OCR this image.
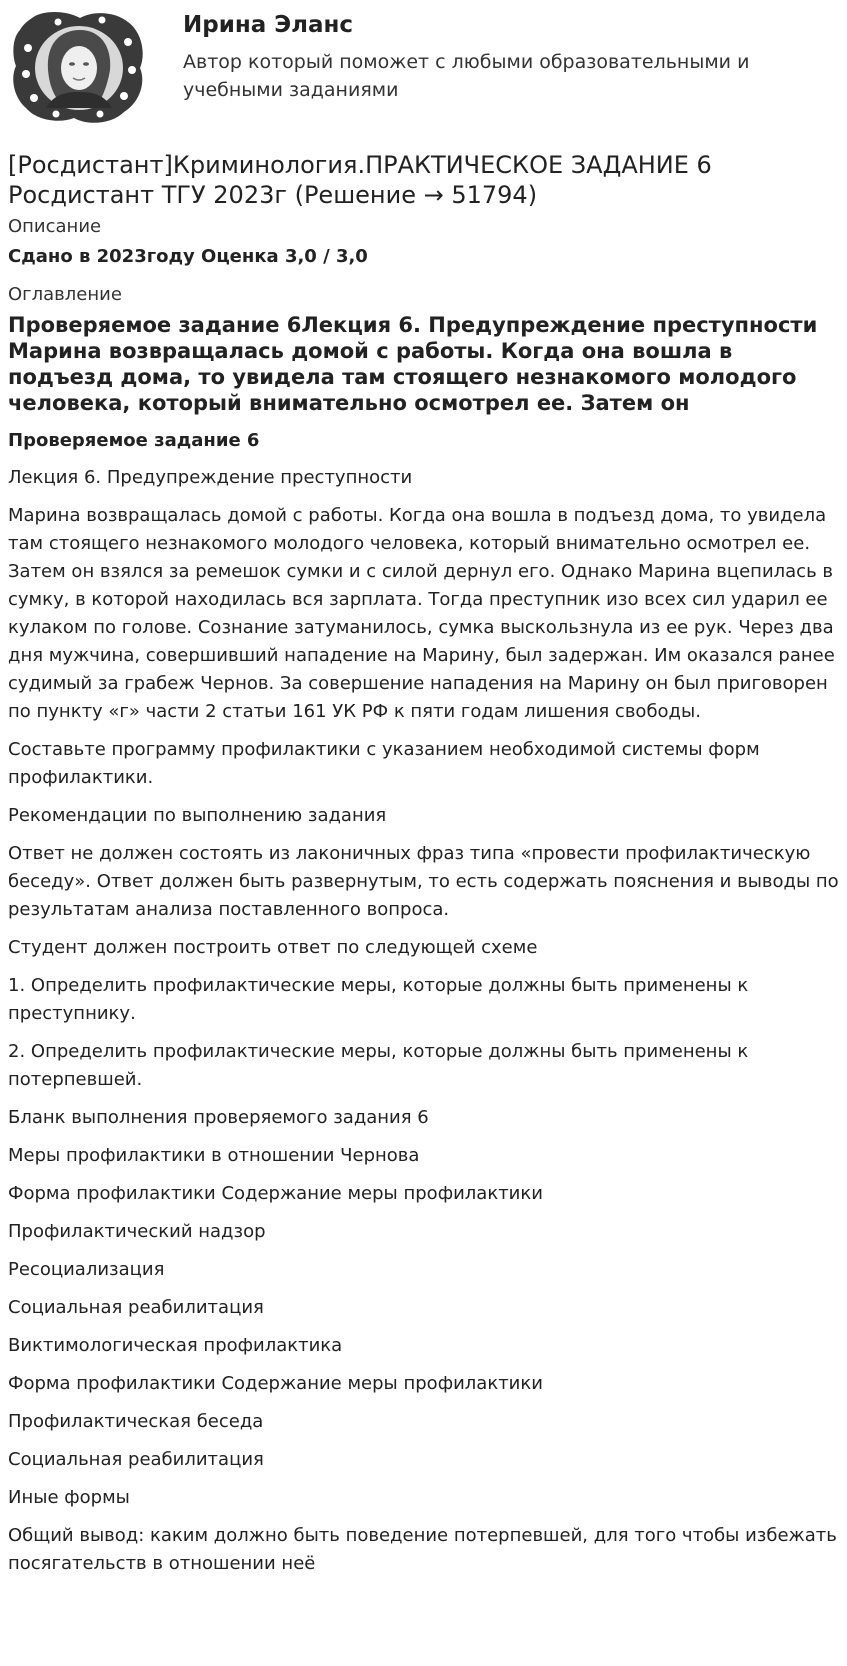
Ирина Эланс

Автор который поможет с любыми образовательными и учебными заданиями

[Росдистант]Криминология.ПРАКТИЧЕСКОЕ ЗАДАНИЕ 6
Росдистант ТГУ 2023г (Решение → 51794)
Описание
Сдано в 2023году Оценка 3,0 / 3,0
Оглавление
Проверяемое задание 6Лекция 6. Предупреждение преступности Марина возвращалась домой с работы. Когда она вошла в подъезд дома, то увидела там стоящего незнакомого молодого человека, который внимательно осмотрел ее. Затем он
Проверяемое задание 6

Лекция 6. Предупреждение преступности

Марина возвращалась домой с работы. Когда она вошла в подъезд дома, то увидела там стоящего незнакомого молодого человека, который внимательно осмотрел ее. Затем он взялся за ремешок сумки и с силой дернул его. Однако Марина вцепилась в сумку, в которой находилась вся зарплата. Тогда преступник изо всех сил ударил ее кулаком по голове. Сознание затуманилось, сумка выскользнула из ее рук. Через два дня мужчина, совершивший нападение на Марину, был задержан. Им оказался ранее судимый за грабеж Чернов. За совершение нападения на Марину он был приговорен по пункту «г» части 2 статьи 161 УК РФ к пяти годам лишения свободы.

Составьте программу профилактики с указанием необходимой системы форм профилактики.

Рекомендации по выполнению задания

Ответ не должен состоять из лаконичных фраз типа «провести профилактическую беседу». Ответ должен быть развернутым, то есть содержать пояснения и выводы по результатам анализа поставленного вопроса.

Студент должен построить ответ по следующей схеме

1. Определить профилактические меры, которые должны быть применены к преступнику.

2. Определить профилактические меры, которые должны быть применены к потерпевшей.

Бланк выполнения проверяемого задания 6

Меры профилактики в отношении Чернова

Форма профилактики Содержание меры профилактики

Профилактический надзор

Ресоциализация

Социальная реабилитация

Виктимологическая профилактика

Форма профилактики Содержание меры профилактики

Профилактическая беседа

Социальная реабилитация

Иные формы

Общий вывод: каким должно быть поведение потерпевшей, для того чтобы избежать посягательств в отношении неё
